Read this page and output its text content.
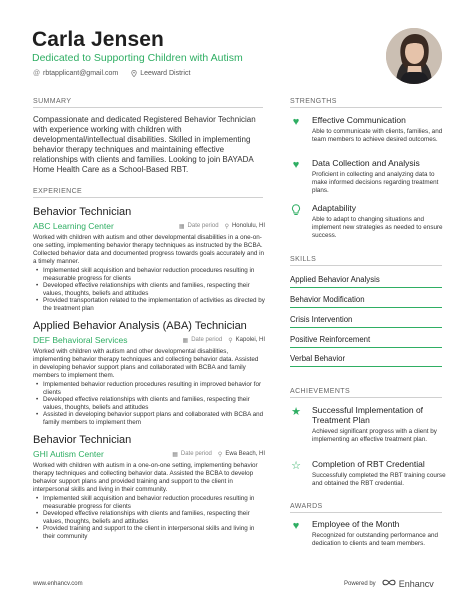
Carla Jensen
Dedicated to Supporting Children with Autism
@ rbtapplicant@gmail.com	Leeward District
SUMMARY
Compassionate and dedicated Registered Behavior Technician with experience working with children with developmental/intellectual disabilities. Skilled in implementing behavior therapy techniques and maintaining effective relationships with clients and families. Looking to join BAYADA Home Health Care as a School-Based RBT.
EXPERIENCE
Behavior Technician
ABC Learning Center	▦ Date period ⚲ Honolulu, HI
Worked with children with autism and other developmental disabilities in a one-on-one setting, implementing behavior therapy techniques as instructed by the BCBA. Collected behavior data and documented progress towards goals accurately and in a timely manner.
• Implemented skill acquisition and behavior reduction procedures resulting in measurable progress for clients
• Developed effective relationships with clients and families, respecting their values, thoughts, beliefs and attitudes
• Provided transportation related to the implementation of activities as directed by the treatment plan
Applied Behavior Analysis (ABA) Technician
DEF Behavioral Services	▦ Date period ⚲ Kapolei, HI
Worked with children with autism and other developmental disabilities, implementing behavior therapy techniques and collecting behavior data. Assisted in developing behavior support plans and collaborated with BCBA and family members to implement them.
• Implemented behavior reduction procedures resulting in improved behavior for clients
• Developed effective relationships with clients and families, respecting their values, thoughts, beliefs and attitudes
• Assisted in developing behavior support plans and collaborated with BCBA and family members to implement them
Behavior Technician
GHI Autism Center	▦ Date period ⚲ Ewa Beach, HI
Worked with children with autism in a one-on-one setting, implementing behavior therapy techniques and collecting behavior data. Assisted the BCBA to develop behavior support plans and provided training and support to the client in interpersonal skills and living in their community.
• Implemented skill acquisition and behavior reduction procedures resulting in measurable progress for clients
• Developed effective relationships with clients and families, respecting their values, thoughts, beliefs and attitudes
• Provided training and support to the client in interpersonal skills and living in their community
STRENGTHS
♥	Effective Communication
Able to communicate with clients, families, and team members to achieve desired outcomes.
♥	Data Collection and Analysis
Proficient in collecting and analyzing data to make informed decisions regarding treatment plans.
Adaptability
Able to adapt to changing situations and implement new strategies as needed to ensure success.
SKILLS
Applied Behavior Analysis
Behavior Modification
Crisis Intervention
Positive Reinforcement
Verbal Behavior
ACHIEVEMENTS
★ Successful Implementation of Treatment Plan
Achieved significant progress with a client by implementing an effective treatment plan.
☆ Completion of RBT Credential
Successfully completed the RBT training course and obtained the RBT credential.
AWARDS
♥	Employee of the Month
Recognized for outstanding performance and dedication to clients and team members.
www.enhancv.com	Powered by	Enhancv
